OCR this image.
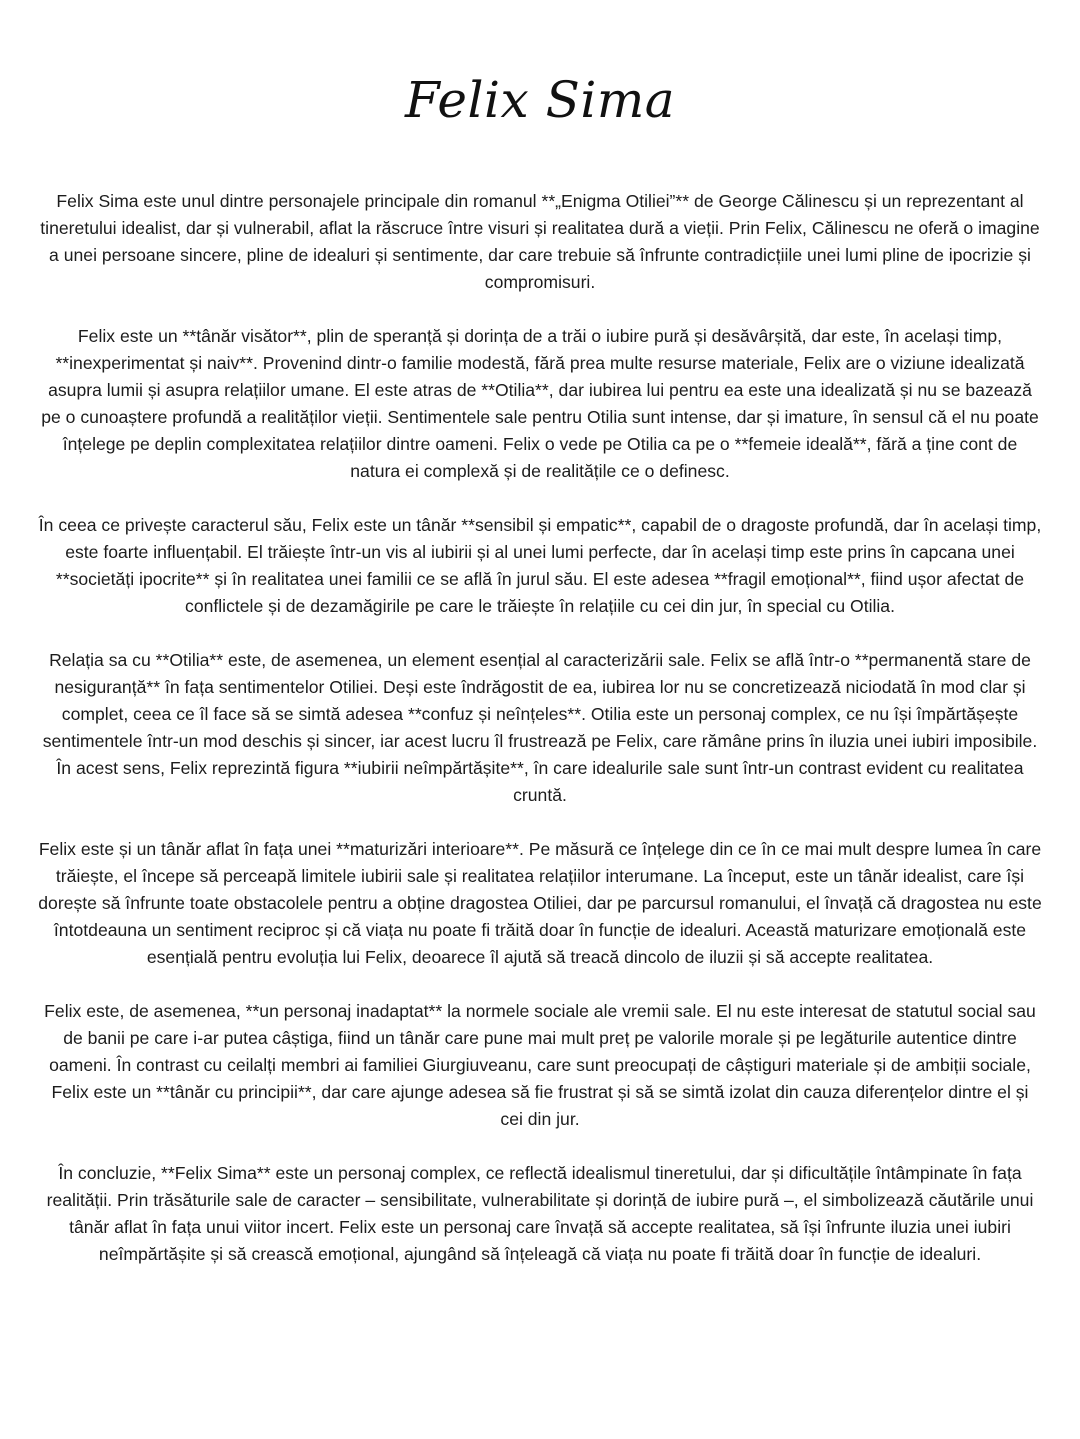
Felix Sima

Felix Sima este unul dintre personajele principale din romanul **„Enigma Otiliei”** de George Călinescu și un reprezentant al tineretului idealist, dar și vulnerabil, aflat la răscruce între visuri și realitatea dură a vieții. Prin Felix, Călinescu ne oferă o imagine a unei persoane sincere, pline de idealuri și sentimente, dar care trebuie să înfrunte contradicțiile unei lumi pline de ipocrizie și compromisuri.

Felix este un **tânăr visător**, plin de speranță și dorința de a trăi o iubire pură și desăvârșită, dar este, în același timp, **inexperimentat și naiv**. Provenind dintr-o familie modestă, fără prea multe resurse materiale, Felix are o viziune idealizată asupra lumii și asupra relațiilor umane. El este atras de **Otilia**, dar iubirea lui pentru ea este una idealizată și nu se bazează pe o cunoaștere profundă a realităților vieții. Sentimentele sale pentru Otilia sunt intense, dar și imature, în sensul că el nu poate înțelege pe deplin complexitatea relațiilor dintre oameni. Felix o vede pe Otilia ca pe o **femeie ideală**, fără a ține cont de natura ei complexă și de realitățile ce o definesc.

În ceea ce privește caracterul său, Felix este un tânăr **sensibil și empatic**, capabil de o dragoste profundă, dar în același timp, este foarte influențabil. El trăiește într-un vis al iubirii și al unei lumi perfecte, dar în același timp este prins în capcana unei **societăți ipocrite** și în realitatea unei familii ce se află în jurul său. El este adesea **fragil emoțional**, fiind ușor afectat de conflictele și de dezamăgirile pe care le trăiește în relațiile cu cei din jur, în special cu Otilia.

Relația sa cu **Otilia** este, de asemenea, un element esențial al caracterizării sale. Felix se află într-o **permanentă stare de nesiguranță** în fața sentimentelor Otiliei. Deși este îndrăgostit de ea, iubirea lor nu se concretizează niciodată în mod clar și complet, ceea ce îl face să se simtă adesea **confuz și neînțeles**. Otilia este un personaj complex, ce nu își împărtășește sentimentele într-un mod deschis și sincer, iar acest lucru îl frustrează pe Felix, care rămâne prins în iluzia unei iubiri imposibile. În acest sens, Felix reprezintă figura **iubirii neîmpărtășite**, în care idealurile sale sunt într-un contrast evident cu realitatea cruntă.

Felix este și un tânăr aflat în fața unei **maturizări interioare**. Pe măsură ce înțelege din ce în ce mai mult despre lumea în care trăiește, el începe să perceapă limitele iubirii sale și realitatea relațiilor interumane. La început, este un tânăr idealist, care își dorește să înfrunte toate obstacolele pentru a obține dragostea Otiliei, dar pe parcursul romanului, el învață că dragostea nu este întotdeauna un sentiment reciproc și că viața nu poate fi trăită doar în funcție de idealuri. Această maturizare emoțională este esențială pentru evoluția lui Felix, deoarece îl ajută să treacă dincolo de iluzii și să accepte realitatea.

Felix este, de asemenea, **un personaj inadaptat** la normele sociale ale vremii sale. El nu este interesat de statutul social sau de banii pe care i-ar putea câștiga, fiind un tânăr care pune mai mult preț pe valorile morale și pe legăturile autentice dintre oameni. În contrast cu ceilalți membri ai familiei Giurgiuveanu, care sunt preocupați de câștiguri materiale și de ambiții sociale, Felix este un **tânăr cu principii**, dar care ajunge adesea să fie frustrat și să se simtă izolat din cauza diferențelor dintre el și cei din jur.

În concluzie, **Felix Sima** este un personaj complex, ce reflectă idealismul tineretului, dar și dificultățile întâmpinate în fața realității. Prin trăsăturile sale de caracter – sensibilitate, vulnerabilitate și dorință de iubire pură –, el simbolizează căutările unui tânăr aflat în fața unui viitor incert. Felix este un personaj care învață să accepte realitatea, să își înfrunte iluzia unei iubiri neîmpărtășite și să crească emoțional, ajungând să înțeleagă că viața nu poate fi trăită doar în funcție de idealuri.
